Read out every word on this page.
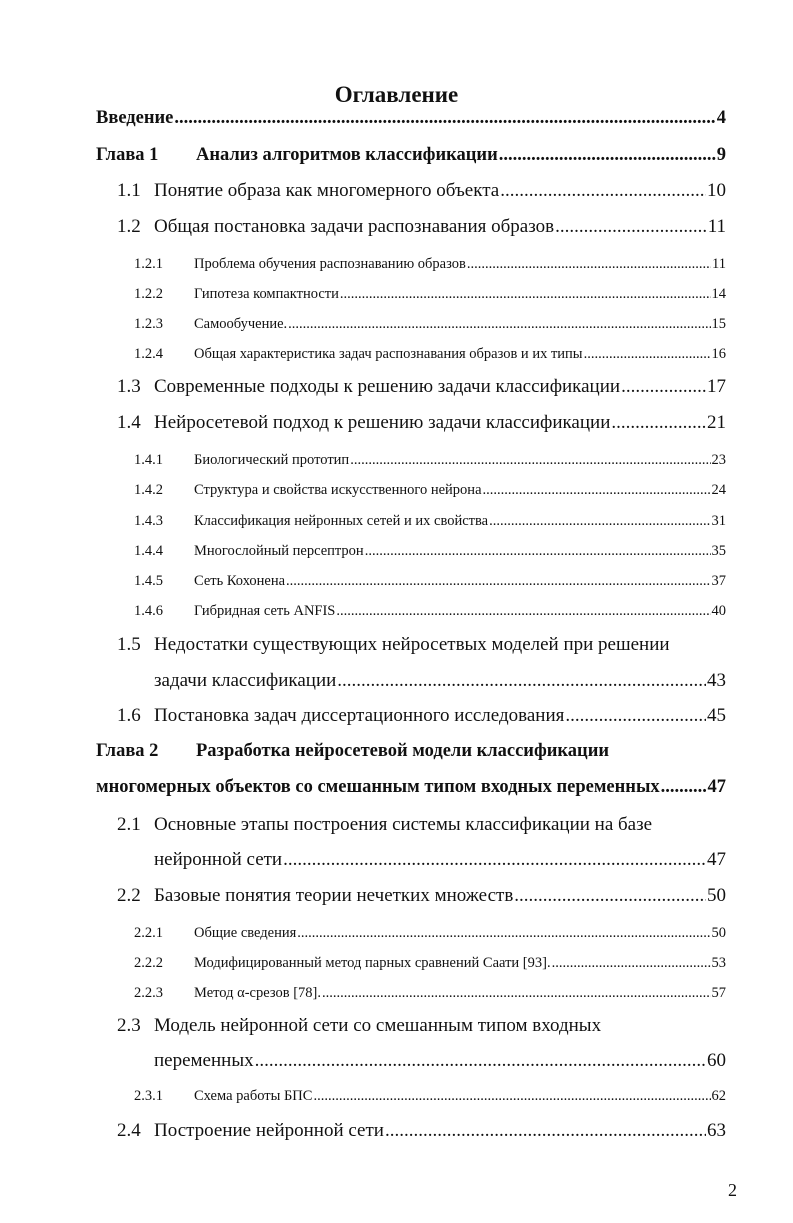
Оглавление
Введение .....	4
Глава 1	Анализ алгоритмов классификации .....	9
1.1 Понятие образа как многомерного объекта .....	10
1.2 Общая постановка задачи распознавания образов .....	11
1.2.1	Проблема обучения распознаванию образов .....	11
1.2.2	Гипотеза компактности .....	14
1.2.3	Самообучение. .....	15
1.2.4	Общая характеристика задач распознавания образов и их типы .....	16
1.3 Современные подходы к решению задачи классификации .....	17
1.4 Нейросетевой подход к решению задачи классификации .....	21
1.4.1	Биологический прототип .....	23
1.4.2	Структура и свойства искусственного нейрона .....	24
1.4.3	Классификация нейронных сетей и их свойства .....	31
1.4.4	Многослойный персептрон .....	35
1.4.5	Сеть Кохонена .....	37
1.4.6	Гибридная сеть ANFIS .....	40
1.5 Недостатки существующих нейросетвых моделей при решении
задачи классификации .....	43
1.6 Постановка задач диссертационного исследования .....	45
Глава 2	Разработка нейросетевой модели классификации
многомерных объектов со смешанным типом входных переменных .....	47
2.1 Основные этапы построения системы классификации на базе
нейронной сети .....	47
2.2 Базовые понятия теории нечетких множеств .....	50
2.2.1	Общие сведения .....	50
2.2.2	Модифицированный метод парных сравнений Саати [93]. .....	53
2.2.3	Метод α-срезов [78]. .....	57
2.3 Модель нейронной сети со смешанным типом входных
переменных .....	60
2.3.1	Схема работы БПС .....	62
2.4 Построение нейронной сети .....	63
2
